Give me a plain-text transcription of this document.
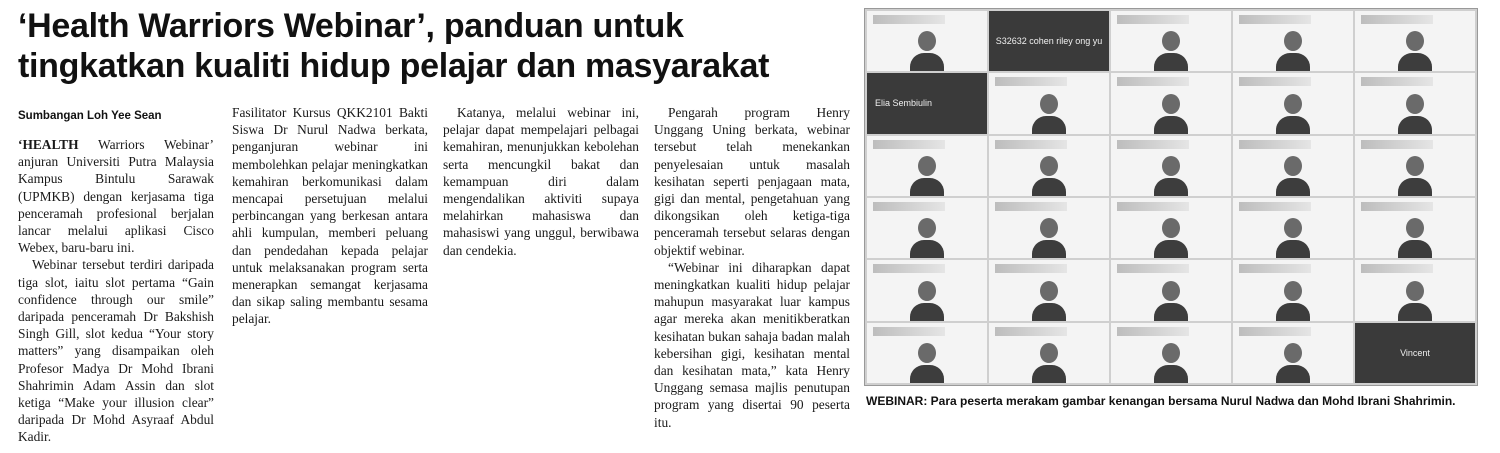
‘Health Warriors Webinar’, panduan untuk
tingkatkan kualiti hidup pelajar dan masyarakat
Sumbangan Loh Yee Sean

‘HEALTH Warriors Webinar’ anjuran Universiti Putra Malaysia Kampus Bintulu Sarawak (UPMKB) dengan kerjasama tiga penceramah profesional berjalan lancar melalui aplikasi Cisco Webex, baru-baru ini.

Webinar tersebut terdiri daripada tiga slot, iaitu slot pertama “Gain confidence through our smile” daripada penceramah Dr Bakshish Singh Gill, slot kedua “Your story matters” yang disampaikan oleh Profesor Madya Dr Mohd Ibrani Shahrimin Adam Assin dan slot ketiga “Make your illusion clear” daripada Dr Mohd Asyraaf Abdul Kadir.

Fasilitator Kursus QKK2101 Bakti Siswa Dr Nurul Nadwa berkata, penganjuran webinar ini membolehkan pelajar meningkatkan kemahiran berkomunikasi dalam mencapai persetujuan melalui perbincangan yang berkesan antara ahli kumpulan, memberi peluang dan pendedahan kepada pelajar untuk melaksanakan program serta menerapkan semangat kerjasama dan sikap saling membantu sesama pelajar.

Katanya, melalui webinar ini, pelajar dapat mempelajari pelbagai kemahiran, menunjukkan kebolehan serta mencungkil bakat dan kemampuan diri dalam mengendalikan aktiviti supaya melahirkan mahasiswa dan mahasiswi yang unggul, berwibawa dan cendekia.

Pengarah program Henry Unggang Uning berkata, webinar tersebut telah menekankan penyelesaian untuk masalah kesihatan seperti penjagaan mata, gigi dan mental, pengetahuan yang dikongsikan oleh ketiga-tiga penceramah tersebut selaras dengan objektif webinar.

“Webinar ini diharapkan dapat meningkatkan kualiti hidup pelajar mahupun masyarakat luar kampus agar mereka akan menitikberatkan kesihatan bukan sahaja badan malah kebersihan gigi, kesihatan mental dan kesihatan mata,” kata Henry Unggang semasa majlis penutupan program yang disertai 90 peserta itu.

S32632 cohen riley ong yu
Elia Sembiulin
Vincent

WEBINAR: Para peserta merakam gambar kenangan bersama Nurul Nadwa dan Mohd Ibrani Shahrimin.
